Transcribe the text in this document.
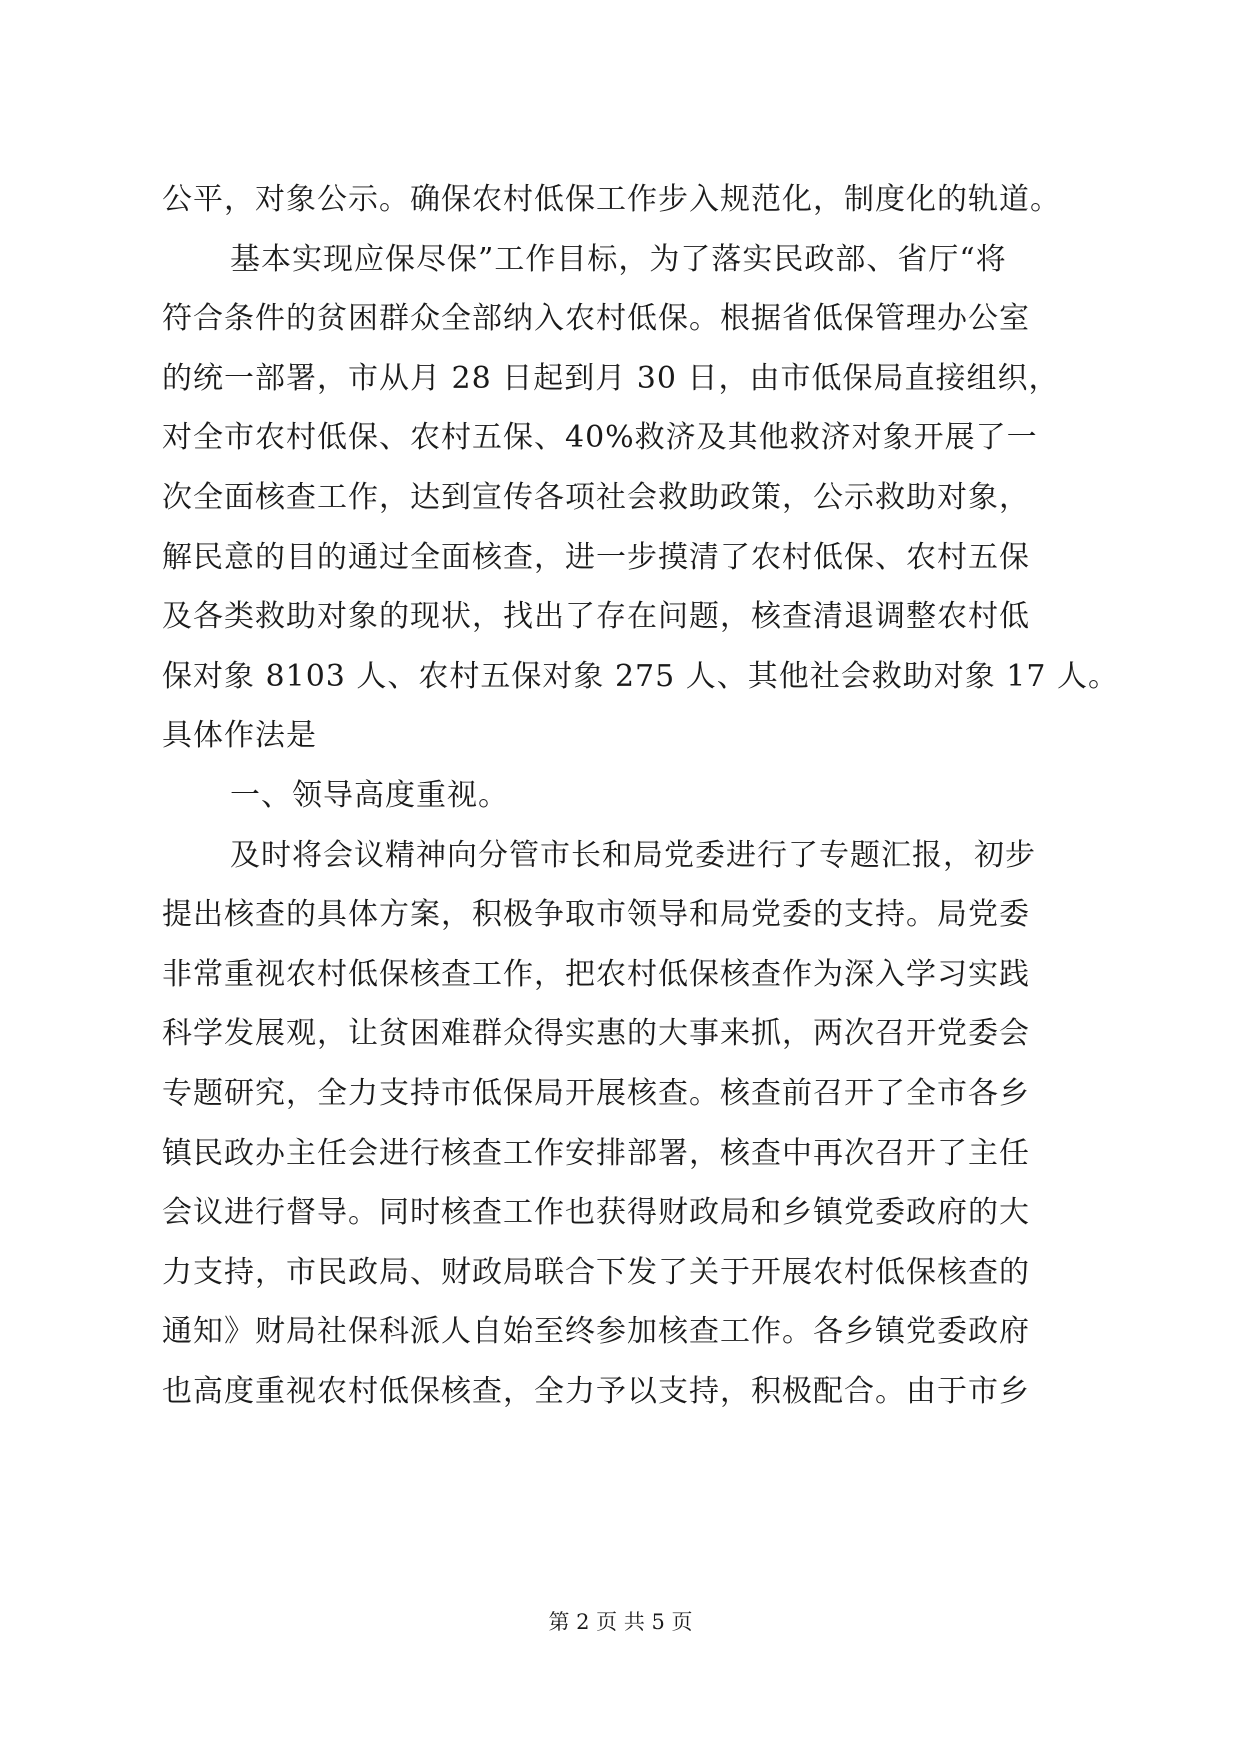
公平，对象公示。确保农村低保工作步入规范化，制度化的轨道。
基本实现应保尽保”工作目标，为了落实民政部、省厅“将
符合条件的贫困群众全部纳入农村低保。根据省低保管理办公室
的统一部署，市从月 28 日起到月 30 日，由市低保局直接组织，
对全市农村低保、农村五保、40%救济及其他救济对象开展了一
次全面核查工作，达到宣传各项社会救助政策，公示救助对象，
解民意的目的通过全面核查，进一步摸清了农村低保、农村五保
及各类救助对象的现状，找出了存在问题，核查清退调整农村低
保对象 8103 人、农村五保对象 275 人、其他社会救助对象 17 人。
具体作法是
一、领导高度重视。
及时将会议精神向分管市长和局党委进行了专题汇报，初步
提出核查的具体方案，积极争取市领导和局党委的支持。局党委
非常重视农村低保核查工作，把农村低保核查作为深入学习实践
科学发展观，让贫困难群众得实惠的大事来抓，两次召开党委会
专题研究，全力支持市低保局开展核查。核查前召开了全市各乡
镇民政办主任会进行核查工作安排部署，核查中再次召开了主任
会议进行督导。同时核查工作也获得财政局和乡镇党委政府的大
力支持，市民政局、财政局联合下发了关于开展农村低保核查的
通知》财局社保科派人自始至终参加核查工作。各乡镇党委政府
也高度重视农村低保核查，全力予以支持，积极配合。由于市乡
第 2 页 共 5 页
